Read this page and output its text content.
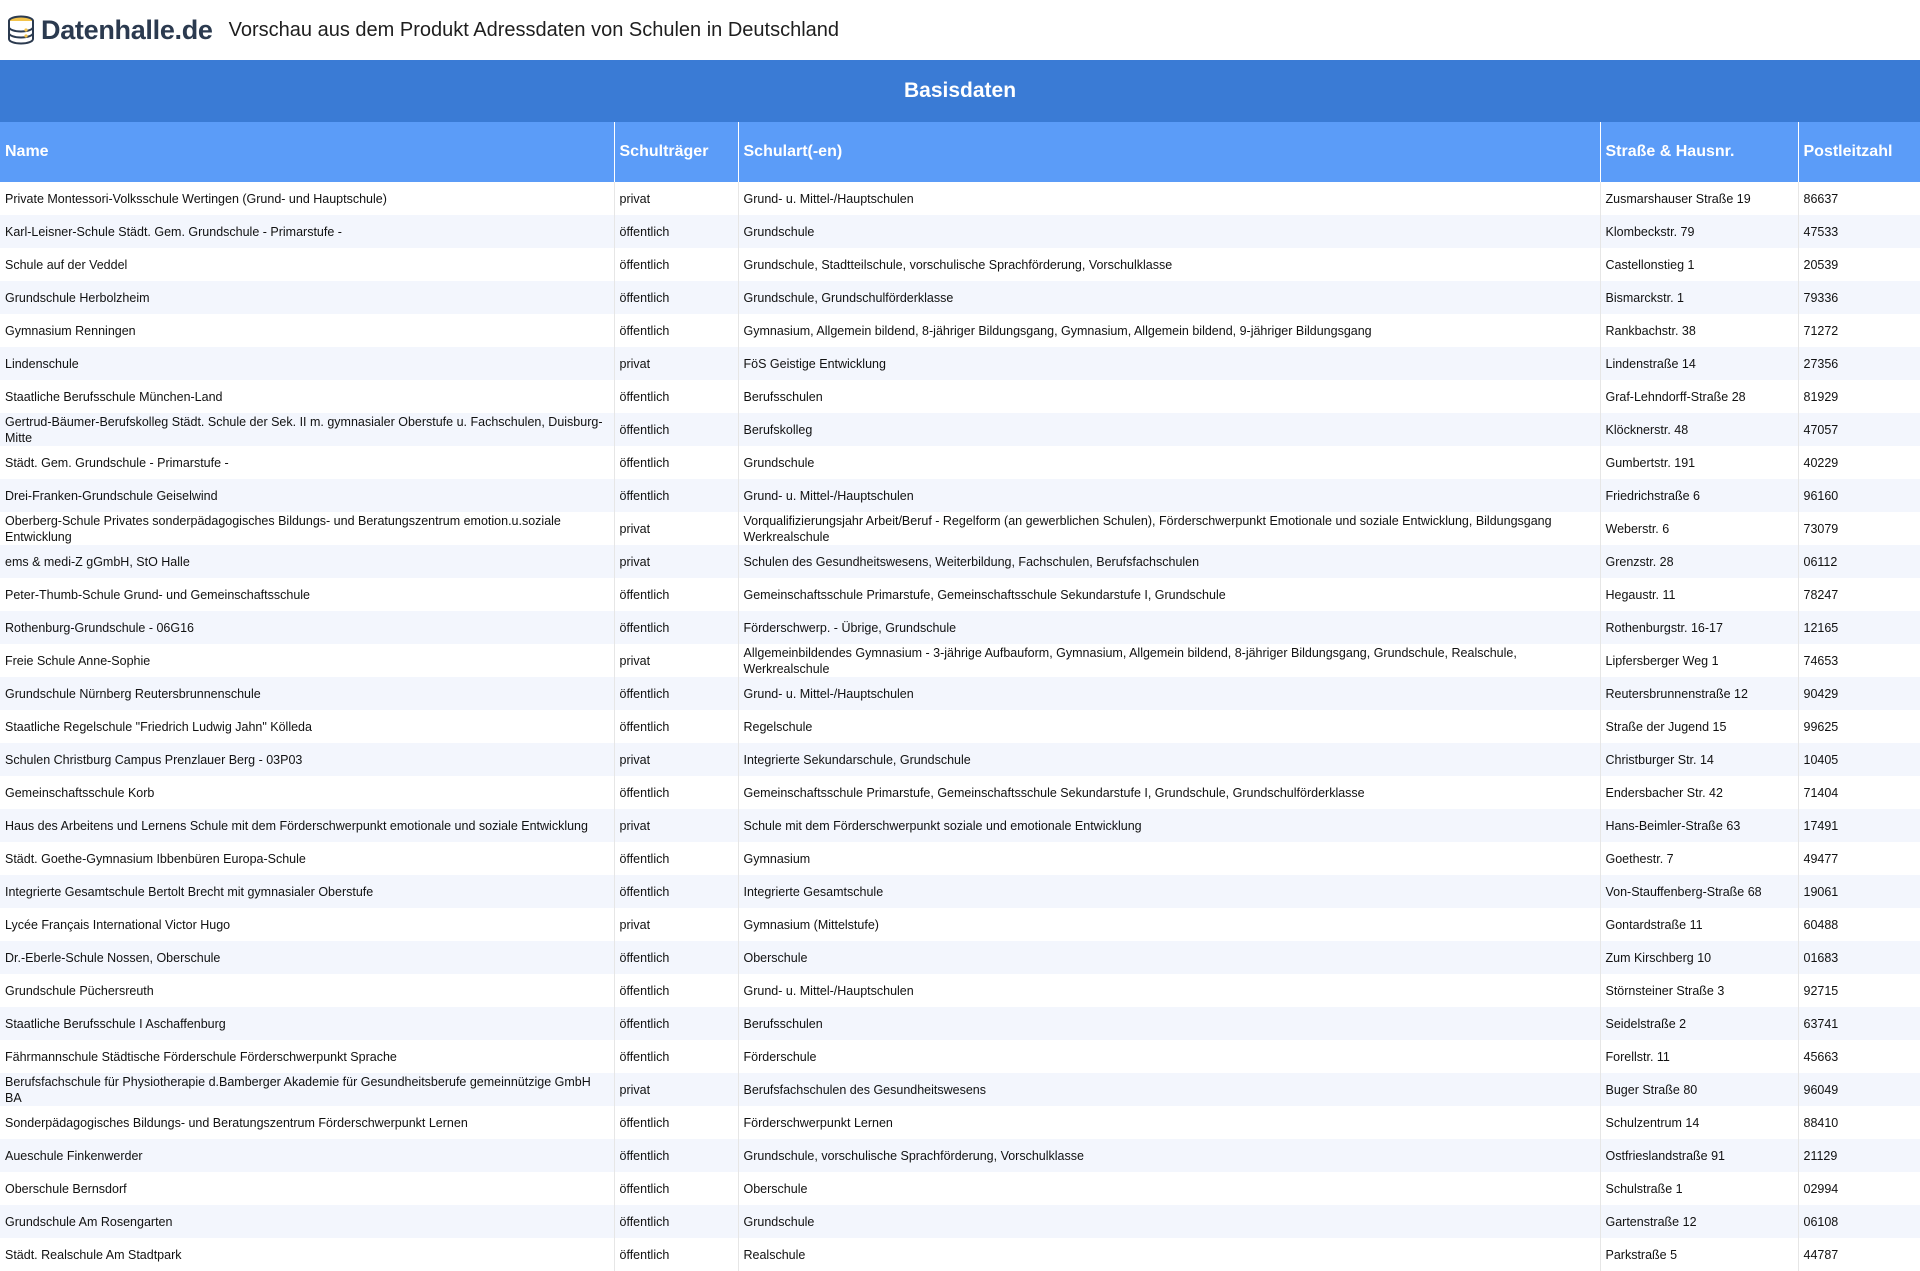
Datenhalle.de Vorschau aus dem Produkt Adressdaten von Schulen in Deutschland
Basisdaten				
Name	Schulträger	Schulart(-en)	Straße & Hausnr.	Postleitzahl
Private Montessori-Volksschule Wertingen (Grund- und Hauptschule)	privat	Grund- u. Mittel-/Hauptschulen	Zusmarshauser Straße 19	86637
Karl-Leisner-Schule Städt. Gem. Grundschule - Primarstufe -	öffentlich	Grundschule	Klombeckstr. 79	47533
Schule auf der Veddel	öffentlich	Grundschule, Stadtteilschule, vorschulische Sprachförderung, Vorschulklasse	Castellonstieg 1	20539
Grundschule Herbolzheim	öffentlich	Grundschule, Grundschulförderklasse	Bismarckstr. 1	79336
Gymnasium Renningen	öffentlich	Gymnasium, Allgemein bildend, 8-jähriger Bildungsgang, Gymnasium, Allgemein bildend, 9-jähriger Bildungsgang	Rankbachstr. 38	71272
Lindenschule	privat	FöS Geistige Entwicklung	Lindenstraße 14	27356
Staatliche Berufsschule München-Land	öffentlich	Berufsschulen	Graf-Lehndorff-Straße 28	81929
Gertrud-Bäumer-Berufskolleg Städt. Schule der Sek. II m. gymnasialer Oberstufe u. Fachschulen, Duisburg-Mitte	öffentlich	Berufskolleg	Klöcknerstr. 48	47057
Städt. Gem. Grundschule - Primarstufe -	öffentlich	Grundschule	Gumbertstr. 191	40229
Drei-Franken-Grundschule Geiselwind	öffentlich	Grund- u. Mittel-/Hauptschulen	Friedrichstraße 6	96160
Oberberg-Schule Privates sonderpädagogisches Bildungs- und Beratungszentrum emotion.u.soziale Entwicklung	privat	Vorqualifizierungsjahr Arbeit/Beruf - Regelform (an gewerblichen Schulen), Förderschwerpunkt Emotionale und soziale Entwicklung, Bildungsgang Werkrealschule	Weberstr. 6	73079
ems & medi-Z gGmbH, StO Halle	privat	Schulen des Gesundheitswesens, Weiterbildung, Fachschulen, Berufsfachschulen	Grenzstr. 28	06112
Peter-Thumb-Schule Grund- und Gemeinschaftsschule	öffentlich	Gemeinschaftsschule Primarstufe, Gemeinschaftsschule Sekundarstufe I, Grundschule	Hegaustr. 11	78247
Rothenburg-Grundschule - 06G16	öffentlich	Förderschwerp. - Übrige, Grundschule	Rothenburgstr. 16-17	12165
Freie Schule Anne-Sophie	privat	Allgemeinbildendes Gymnasium - 3-jährige Aufbauform, Gymnasium, Allgemein bildend, 8-jähriger Bildungsgang, Grundschule, Realschule, Werkrealschule	Lipfersberger Weg 1	74653
Grundschule Nürnberg Reutersbrunnenschule	öffentlich	Grund- u. Mittel-/Hauptschulen	Reutersbrunnenstraße 12	90429
Staatliche Regelschule "Friedrich Ludwig Jahn" Kölleda	öffentlich	Regelschule	Straße der Jugend 15	99625
Schulen Christburg Campus Prenzlauer Berg - 03P03	privat	Integrierte Sekundarschule, Grundschule	Christburger Str. 14	10405
Gemeinschaftsschule Korb	öffentlich	Gemeinschaftsschule Primarstufe, Gemeinschaftsschule Sekundarstufe I, Grundschule, Grundschulförderklasse	Endersbacher Str. 42	71404
Haus des Arbeitens und Lernens Schule mit dem Förderschwerpunkt emotionale und soziale Entwicklung	privat	Schule mit dem Förderschwerpunkt soziale und emotionale Entwicklung	Hans-Beimler-Straße 63	17491
Städt. Goethe-Gymnasium Ibbenbüren Europa-Schule	öffentlich	Gymnasium	Goethestr. 7	49477
Integrierte Gesamtschule Bertolt Brecht mit gymnasialer Oberstufe	öffentlich	Integrierte Gesamtschule	Von-Stauffenberg-Straße 68	19061
Lycée Français International Victor Hugo	privat	Gymnasium (Mittelstufe)	Gontardstraße 11	60488
Dr.-Eberle-Schule Nossen, Oberschule	öffentlich	Oberschule	Zum Kirschberg 10	01683
Grundschule Püchersreuth	öffentlich	Grund- u. Mittel-/Hauptschulen	Störnsteiner Straße 3	92715
Staatliche Berufsschule I Aschaffenburg	öffentlich	Berufsschulen	Seidelstraße 2	63741
Fährmannschule Städtische Förderschule Förderschwerpunkt Sprache	öffentlich	Förderschule	Forellstr. 11	45663
Berufsfachschule für Physiotherapie d.Bamberger Akademie für Gesundheitsberufe gemeinnützige GmbH BA	privat	Berufsfachschulen des Gesundheitswesens	Buger Straße 80	96049
Sonderpädagogisches Bildungs- und Beratungszentrum Förderschwerpunkt Lernen	öffentlich	Förderschwerpunkt Lernen	Schulzentrum 14	88410
Aueschule Finkenwerder	öffentlich	Grundschule, vorschulische Sprachförderung, Vorschulklasse	Ostfrieslandstraße 91	21129
Oberschule Bernsdorf	öffentlich	Oberschule	Schulstraße 1	02994
Grundschule Am Rosengarten	öffentlich	Grundschule	Gartenstraße 12	06108
Städt. Realschule Am Stadtpark	öffentlich	Realschule	Parkstraße 5	44787
